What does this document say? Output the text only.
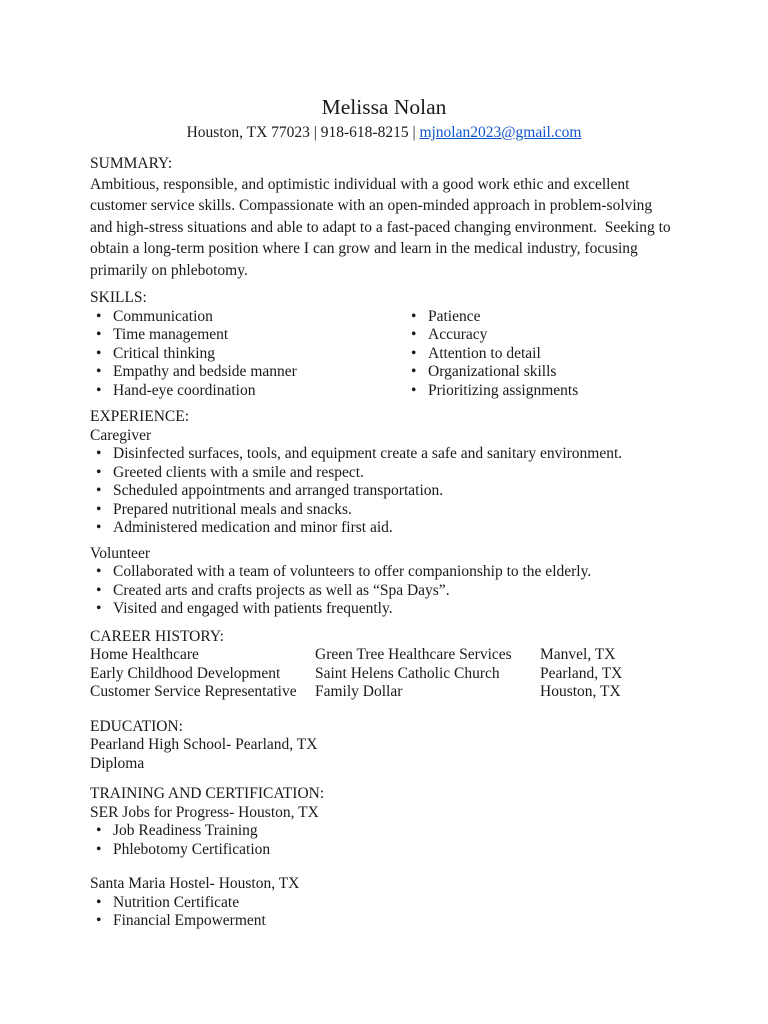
Melissa Nolan
Houston, TX 77023 | 918-618-8215 | mjnolan2023@gmail.com
SUMMARY:

Ambitious, responsible, and optimistic individual with a good work ethic and excellent customer service skills. Compassionate with an open-minded approach in problem-solving and high-stress situations and able to adapt to a fast-paced changing environment.  Seeking to obtain a long-term position where I can grow and learn in the medical industry, focusing primarily on phlebotomy.

SKILLS:
• Communication
• Time management
• Critical thinking
• Empathy and bedside manner
• Hand-eye coordination
• Patience
• Accuracy
• Attention to detail
• Organizational skills
• Prioritizing assignments
EXPERIENCE:
Caregiver
• Disinfected surfaces, tools, and equipment create a safe and sanitary environment.
• Greeted clients with a smile and respect.
• Scheduled appointments and arranged transportation.
• Prepared nutritional meals and snacks.
• Administered medication and minor first aid.
Volunteer
• Collaborated with a team of volunteers to offer companionship to the elderly.
• Created arts and crafts projects as well as “Spa Days”.
• Visited and engaged with patients frequently.
CAREER HISTORY:
Home Healthcare	Green Tree Healthcare Services	Manvel, TX
Early Childhood Development	Saint Helens Catholic Church	Pearland, TX
Customer Service Representative	Family Dollar	Houston, TX
EDUCATION:
Pearland High School- Pearland, TX
Diploma
TRAINING AND CERTIFICATION:
SER Jobs for Progress- Houston, TX
• Job Readiness Training
• Phlebotomy Certification
Santa Maria Hostel- Houston, TX
• Nutrition Certificate
• Financial Empowerment
